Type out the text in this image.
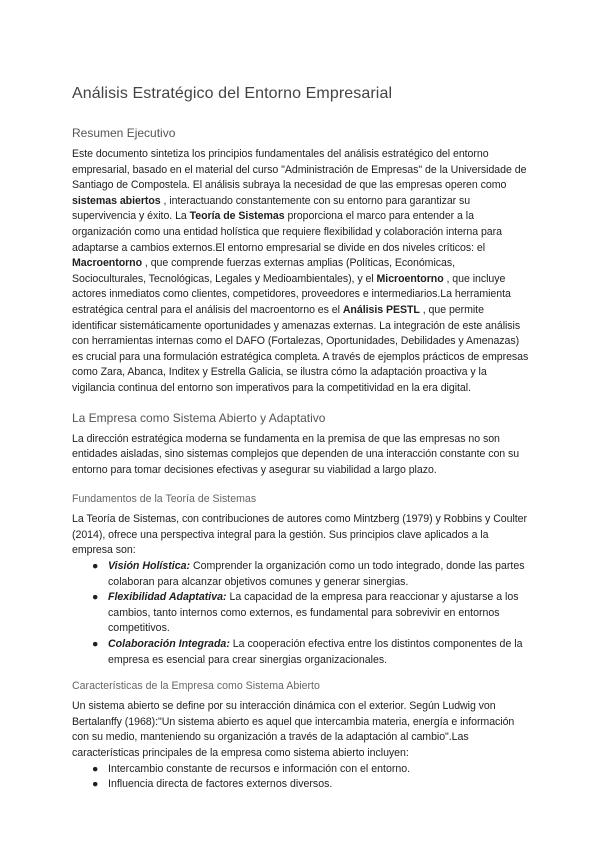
Análisis Estratégico del Entorno Empresarial
Resumen Ejecutivo

Este documento sintetiza los principios fundamentales del análisis estratégico del entorno empresarial, basado en el material del curso "Administración de Empresas" de la Universidade de Santiago de Compostela. El análisis subraya la necesidad de que las empresas operen como sistemas abiertos , interactuando constantemente con su entorno para garantizar su supervivencia y éxito. La Teoría de Sistemas proporciona el marco para entender a la organización como una entidad holística que requiere flexibilidad y colaboración interna para adaptarse a cambios externos.El entorno empresarial se divide en dos niveles críticos: el Macroentorno , que comprende fuerzas externas amplias (Políticas, Económicas, Socioculturales, Tecnológicas, Legales y Medioambientales), y el Microentorno , que incluye actores inmediatos como clientes, competidores, proveedores e intermediarios.La herramienta estratégica central para el análisis del macroentorno es el Análisis PESTL , que permite identificar sistemáticamente oportunidades y amenazas externas. La integración de este análisis con herramientas internas como el DAFO (Fortalezas, Oportunidades, Debilidades y Amenazas) es crucial para una formulación estratégica completa. A través de ejemplos prácticos de empresas como Zara, Abanca, Inditex y Estrella Galicia, se ilustra cómo la adaptación proactiva y la vigilancia continua del entorno son imperativos para la competitividad en la era digital.

La Empresa como Sistema Abierto y Adaptativo

La dirección estratégica moderna se fundamenta en la premisa de que las empresas no son entidades aisladas, sino sistemas complejos que dependen de una interacción constante con su entorno para tomar decisiones efectivas y asegurar su viabilidad a largo plazo.

Fundamentos de la Teoría de Sistemas

La Teoría de Sistemas, con contribuciones de autores como Mintzberg (1979) y Robbins y Coulter (2014), ofrece una perspectiva integral para la gestión. Sus principios clave aplicados a la empresa son:

● Visión Holística: Comprender la organización como un todo integrado, donde las partes colaboran para alcanzar objetivos comunes y generar sinergias.
● Flexibilidad Adaptativa: La capacidad de la empresa para reaccionar y ajustarse a los cambios, tanto internos como externos, es fundamental para sobrevivir en entornos competitivos.
● Colaboración Integrada: La cooperación efectiva entre los distintos componentes de la empresa es esencial para crear sinergias organizacionales.
Características de la Empresa como Sistema Abierto

Un sistema abierto se define por su interacción dinámica con el exterior. Según Ludwig von Bertalanffy (1968):"Un sistema abierto es aquel que intercambia materia, energía e información con su medio, manteniendo su organización a través de la adaptación al cambio".Las características principales de la empresa como sistema abierto incluyen:

● Intercambio constante de recursos e información con el entorno.
● Influencia directa de factores externos diversos.
